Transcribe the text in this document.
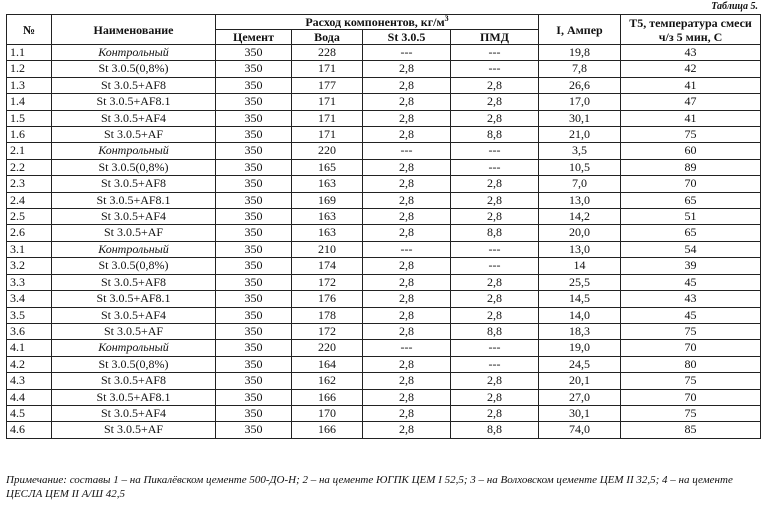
Таблица 5.
№	Наименование	Расход компонентов, $кг/м^3$				I, Ампер	Т5, температура смеси ч/з 5 мин, С
		Цемент	Вода	St 3.0.5	ПМД		
1.1	Контрольный	350	228	---	---	19,8	43
1.2	St 3.0.5(0,8%)	350	171	2,8	---	7,8	42
1.3	St 3.0.5+AF8	350	177	2,8	2,8	26,6	41
1.4	St 3.0.5+AF8.1	350	171	2,8	2,8	17,0	47
1.5	St 3.0.5+AF4	350	171	2,8	2,8	30,1	41
1.6	St 3.0.5+AF	350	171	2,8	8,8	21,0	75
2.1	Контрольный	350	220	---	---	3,5	60
2.2	St 3.0.5(0,8%)	350	165	2,8	---	10,5	89
2.3	St 3.0.5+AF8	350	163	2,8	2,8	7,0	70
2.4	St 3.0.5+AF8.1	350	169	2,8	2,8	13,0	65
2.5	St 3.0.5+AF4	350	163	2,8	2,8	14,2	51
2.6	St 3.0.5+AF	350	163	2,8	8,8	20,0	65
3.1	Контрольный	350	210	---	---	13,0	54
3.2	St 3.0.5(0,8%)	350	174	2,8	---	14	39
3.3	St 3.0.5+AF8	350	172	2,8	2,8	25,5	45
3.4	St 3.0.5+AF8.1	350	176	2,8	2,8	14,5	43
3.5	St 3.0.5+AF4	350	178	2,8	2,8	14,0	45
3.6	St 3.0.5+AF	350	172	2,8	8,8	18,3	75
4.1	Контрольный	350	220	---	---	19,0	70
4.2	St 3.0.5(0,8%)	350	164	2,8	---	24,5	80
4.3	St 3.0.5+AF8	350	162	2,8	2,8	20,1	75
4.4	St 3.0.5+AF8.1	350	166	2,8	2,8	27,0	70
4.5	St 3.0.5+AF4	350	170	2,8	2,8	30,1	75
4.6	St 3.0.5+AF	350	166	2,8	8,8	74,0	85
Примечание: составы 1 – на Пикалёвском цементе 500-ДО-Н; 2 – на цементе ЮГПК ЦЕМ I 52,5; 3 – на Волховском цементе ЦЕМ II 32,5; 4 – на цементе ЦЕСЛА ЦЕМ II А/Ш 42,5
